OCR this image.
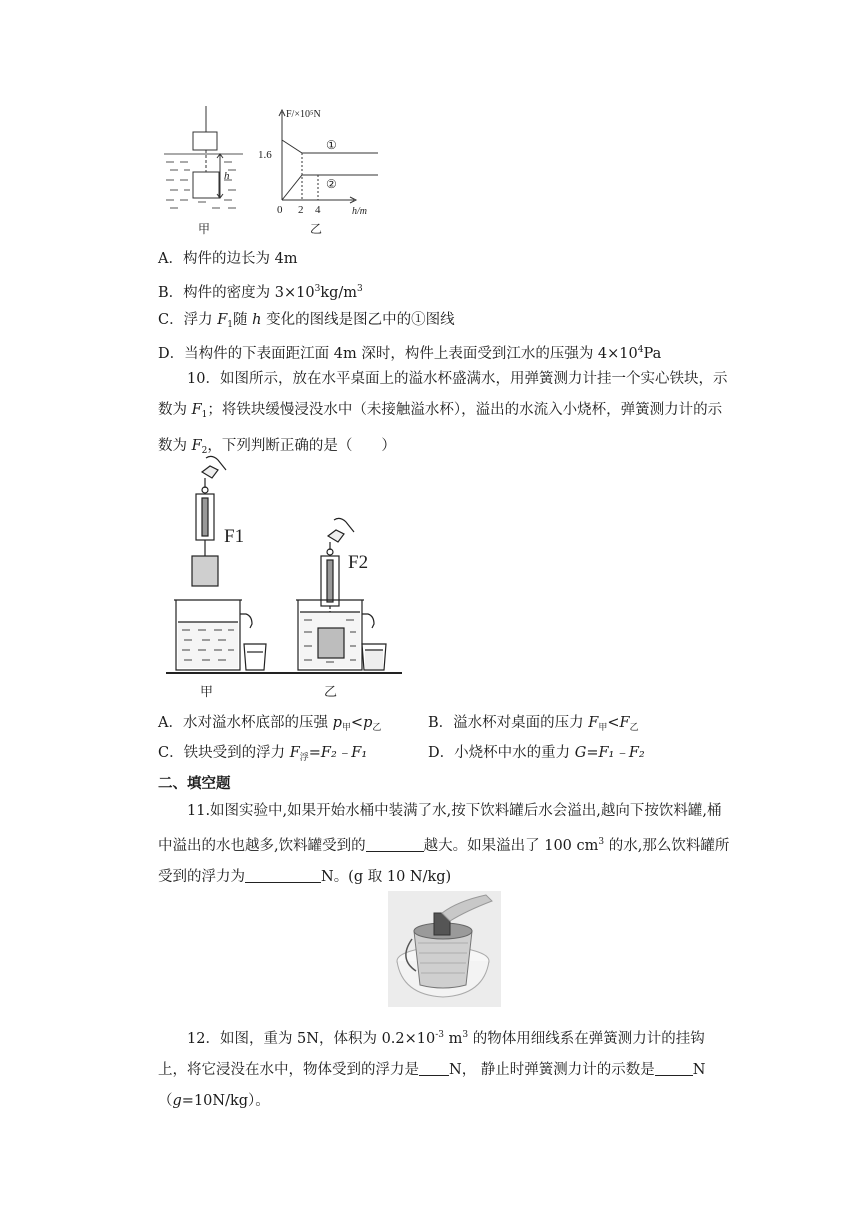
h
甲
F/×10⁵N
1.6
0 2 4	h/m
①
②
乙
A．构件的边长为 4m
B．构件的密度为 $3\times 10^3kg/m^3$
C．浮力 $F_1$随 h 变化的图线是图乙中的①图线
D．当构件的下表面距江面 4m 深时，构件上表面受到江水的压强为 $4\times 10^4Pa$
10．如图所示，放在水平桌面上的溢水杯盛满水，用弹簧测力计挂一个实心铁块，示数为 $F_1$；将铁块缓慢浸没水中（未接触溢水杯），溢出的水流入小烧杯，弹簧测力计的示数为 $F_2$，下列判断正确的是（　　）
F1
F2
甲	乙
A．水对溢水杯底部的压强 $p_甲<p_乙$	B．溢水杯对桌面的压力 $F_甲<F_乙$
C．铁块受到的浮力 $F_浮=F_2﹣F_1$	D．小烧杯中水的重力 G=F₁﹣F₂
二、填空题
11.如图实验中,如果开始水桶中装满了水,按下饮料罐后水会溢出,越向下按饮料罐,桶中溢出的水也越多,饮料罐受到的	越大。如果溢出了 100 $cm^3$ 的水,那么饮料罐所受到的浮力为	N。(g 取 10 N/kg)
12．如图，重为 5N，体积为 $0.2\times 10^{-3}$ $m^3$ 的物体用细线系在弹簧测力计的挂钩上，将它浸没在水中，物体受到的浮力是 N， 静止时弹簧测力计的示数是	N（g=10N/kg）。
